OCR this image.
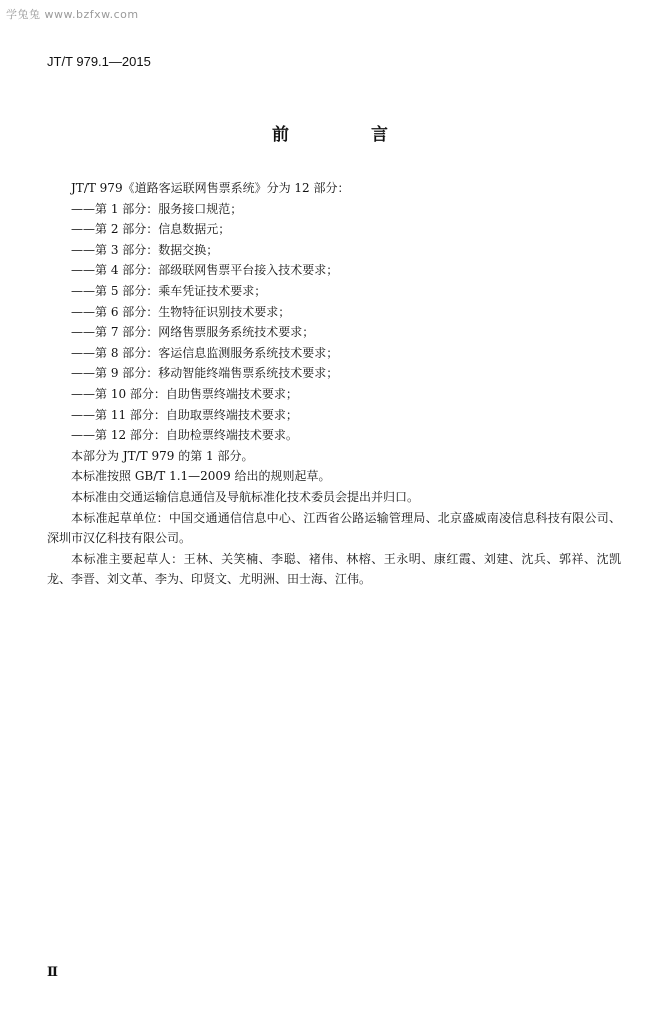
学兔兔 www.bzfxw.com
JT/T 979.1—2015
前 言

JT/T 979《道路客运联网售票系统》分为 12 部分：

——第 1 部分：服务接口规范；

——第 2 部分：信息数据元；

——第 3 部分：数据交换；

——第 4 部分：部级联网售票平台接入技术要求；

——第 5 部分：乘车凭证技术要求；

——第 6 部分：生物特征识别技术要求；

——第 7 部分：网络售票服务系统技术要求；

——第 8 部分：客运信息监测服务系统技术要求；

——第 9 部分：移动智能终端售票系统技术要求；

——第 10 部分：自助售票终端技术要求；

——第 11 部分：自助取票终端技术要求；

——第 12 部分：自助检票终端技术要求。

本部分为 JT/T 979 的第 1 部分。

本标准按照 GB/T 1.1—2009 给出的规则起草。

本标准由交通运输信息通信及导航标准化技术委员会提出并归口。

本标准起草单位：中国交通通信信息中心、江西省公路运输管理局、北京盛威南凌信息科技有限公司、深圳市汉亿科技有限公司。

本标准主要起草人：王林、关笑楠、李聪、褚伟、林榕、王永明、康红霞、刘建、沈兵、郭祥、沈凯龙、李晋、刘文革、李为、印贤文、尤明洲、田士海、江伟。

Ⅱ
